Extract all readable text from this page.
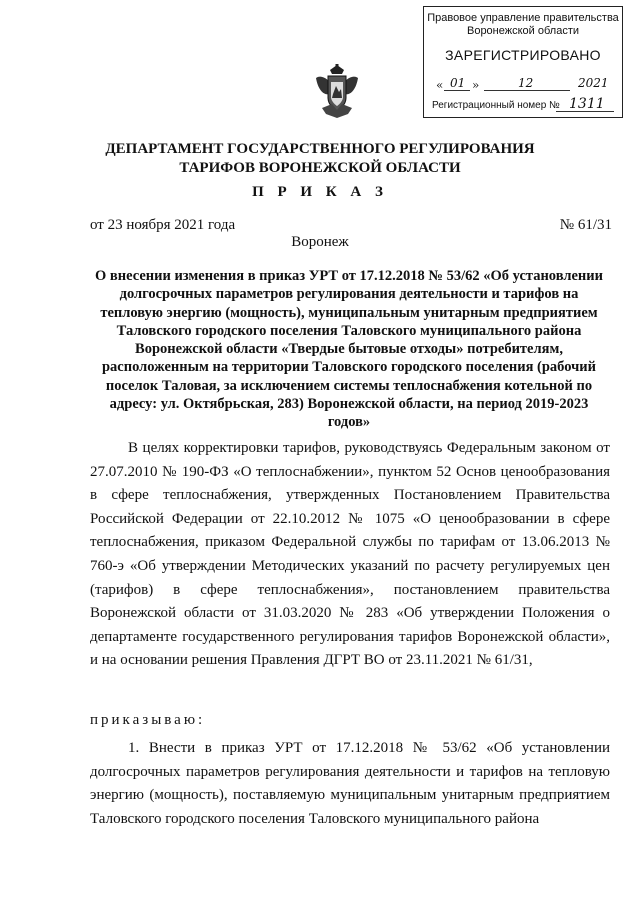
Правовое управление правительства
Воронежской области
ЗАРЕГИСТРИРОВАНО
« 01 »	12	2021
Регистрационный номер № 1311
ДЕПАРТАМЕНТ ГОСУДАРСТВЕННОГО РЕГУЛИРОВАНИЯ
ТАРИФОВ ВОРОНЕЖСКОЙ ОБЛАСТИ
П Р И К А З
от 23 ноября 2021 года	№ 61/31
Воронеж
О внесении изменения в приказ УРТ от 17.12.2018 № 53/62 «Об установлении долгосрочных параметров регулирования деятельности и тарифов на тепловую энергию (мощность), муниципальным унитарным предприятием Таловского городского поселения Таловского муниципального района Воронежской области «Твердые бытовые отходы» потребителям, расположенным на территории Таловского городского поселения (рабочий поселок Таловая, за исключением системы теплоснабжения котельной по адресу: ул. Октябрьская, 283) Воронежской области, на период 2019-2023 годов»

В целях корректировки тарифов, руководствуясь Федеральным законом от 27.07.2010 № 190-ФЗ «О теплоснабжении», пунктом 52 Основ ценообразования в сфере теплоснабжения, утвержденных Постановлением Правительства Российской Федерации от 22.10.2012 № 1075 «О ценообразовании в сфере теплоснабжения, приказом Федеральной службы по тарифам от 13.06.2013 № 760-э «Об утверждении Методических указаний по расчету регулируемых цен (тарифов) в сфере теплоснабжения», постановлением правительства Воронежской области от 31.03.2020 № 283 «Об утверждении Положения о департаменте государственного регулирования тарифов Воронежской области», и на основании решения Правления ДГРТ ВО от 23.11.2021 № 61/31,

приказываю:

1. Внести в приказ УРТ от 17.12.2018 № 53/62 «Об установлении долгосрочных параметров регулирования деятельности и тарифов на тепловую энергию (мощность), поставляемую муниципальным унитарным предприятием Таловского городского поселения Таловского муниципального района
